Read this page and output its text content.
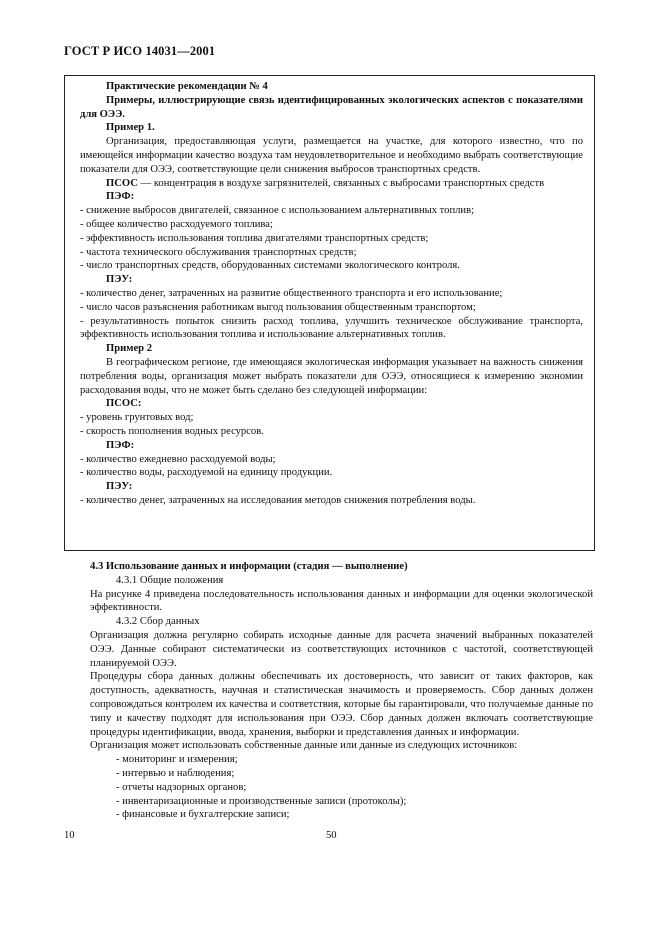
ГОСТ Р ИСО 14031—2001

Практические рекомендации № 4

Примеры, иллюстрирующие связь идентифицированных экологических аспектов с показателями для ОЭЭ.

Пример 1.

Организация, предоставляющая услуги, размещается на участке, для которого известно, что по имеющейся информации качество воздуха там неудовлетворительное и необходимо выбрать соответствующие показатели для ОЭЭ, соответствующие цели снижения выбросов транспортных средств.

ПСОС — концентрация в воздухе загрязнителей, связанных с выбросами транспортных средств

ПЭФ:

- снижение выбросов двигателей, связанное с использованием альтернативных топлив;

- общее количество расходуемого топлива;

- эффективность использования топлива двигателями транспортных средств;

- частота технического обслуживания транспортных средств;

- число транспортных средств, оборудованных системами экологического контроля.

ПЭУ:

- количество денег, затраченных на развитие общественного транспорта и его использование;

- число часов разъяснения работникам выгод пользования общественным транспортом;

- результативность попыток снизить расход топлива, улучшить техническое обслуживание транспорта, эффективность использования топлива и использование альтернативных топлив.

Пример 2

В географическом регионе, где имеющаяся экологическая информация указывает на важность снижения потребления воды, организация может выбрать показатели для ОЭЭ, относящиеся к измерению экономии расходования воды, что не может быть сделано без следующей информации:

ПСОС:

- уровень грунтовых вод;

- скорость пополнения водных ресурсов.

ПЭФ:

- количество ежедневно расходуемой воды;

- количество воды, расходуемой на единицу продукции.

ПЭУ:

- количество денег, затраченных на исследования методов снижения потребления воды.

4.3 Использование данных и информации (стадия — выполнение)

4.3.1 Общие положения

На рисунке 4 приведена последовательность использования данных и информации для оценки экологической эффективности.

4.3.2 Сбор данных

Организация должна регулярно собирать исходные данные для расчета значений выбранных показателей ОЭЭ. Данные собирают систематически из соответствующих источников с частотой, соответствующей планируемой ОЭЭ.

Процедуры сбора данных должны обеспечивать их достоверность, что зависит от таких факторов, как доступность, адекватность, научная и статистическая значимость и проверяемость. Сбор данных должен сопровождаться контролем их качества и соответствия, которые бы гарантировали, что получаемые данные по типу и качеству подходят для использования при ОЭЭ. Сбор данных должен включать соответствующие процедуры идентификации, ввода, хранения, выборки и представления данных и информации.

Организация может использовать собственные данные или данные из следующих источников:

- мониторинг и измерения;

- интервью и наблюдения;

- отчеты надзорных органов;

- инвентаризационные и производственные записи (протоколы);

- финансовые и бухгалтерские записи;

10	50
